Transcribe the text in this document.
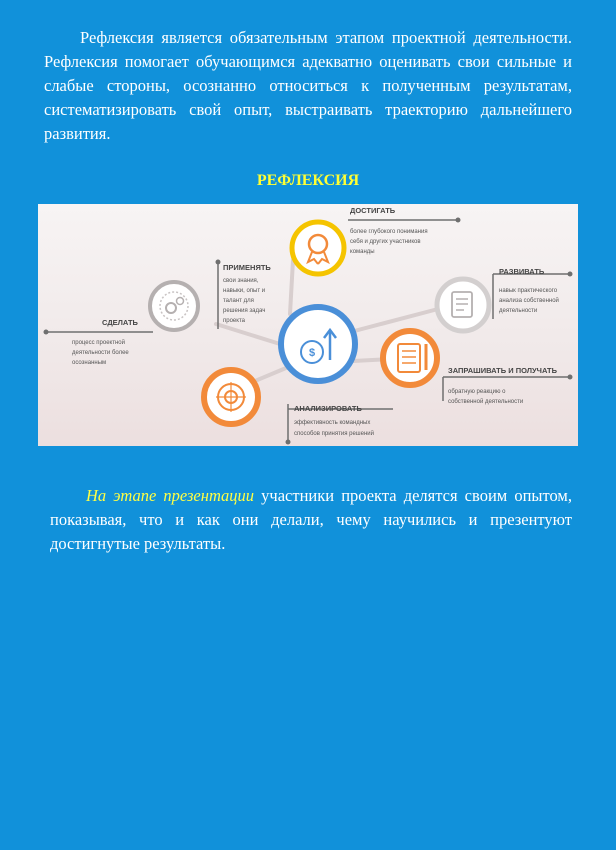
Рефлексия является обязательным этапом проектной деятельности. Рефлексия помогает обучающимся адекватно оценивать свои сильные и слабые стороны, осознанно относиться к полученным результатам, систематизировать свой опыт, выстраивать траекторию дальнейшего развития.
РЕФЛЕКСИЯ
$
ДОСТИГАТЬ
более глубокого понимания
себя и других участников
команды
ПРИМЕНЯТЬ
свои знания,
навыки, опыт и
талант для
решения задач
проекта
РАЗВИВАТЬ
навык практического
анализа собственной
деятельности
СДЕЛАТЬ
процесс проектной
деятельности более
осознанным
ЗАПРАШИВАТЬ И ПОЛУЧАТЬ
обратную реакцию о
собственной деятельности
АНАЛИЗИРОВАТЬ
эффективность командных
способов принятия решений
На этапе презентации участники проекта делятся своим опытом, показывая, что и как они делали, чему научились и презентуют достигнутые результаты.
